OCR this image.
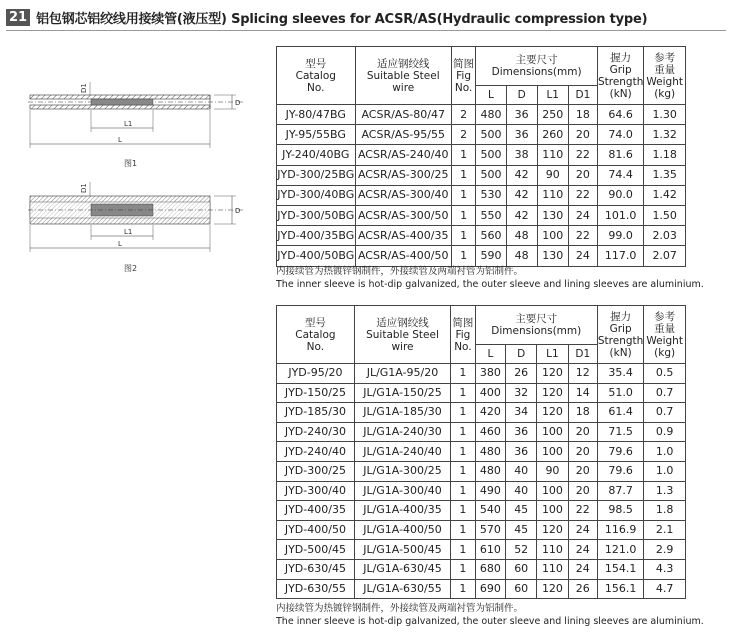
21 铝包钢芯铝绞线用接续管(液压型) Splicing sleeves for ACSR/AS(Hydraulic compression type)
D
D1
L1
L
图1
D
D1
L1
L
图2
型号
Catalog
No.	适应钢绞线
Suitable Steel
wire	简图
Fig
No.	主要尺寸
Dimensions(mm)				握力
Grip
Strength
(kN)	参考
重量
Weight
(kg)
			L	D	L1	D1		
JY-80/47BG	ACSR/AS-80/47	2	480	36	250	18	64.6	1.30
JY-95/55BG	ACSR/AS-95/55	2	500	36	260	20	74.0	1.32
JY-240/40BG	ACSR/AS-240/40	1	500	38	110	22	81.6	1.18
JYD-300/25BG	ACSR/AS-300/25	1	500	42	90	20	74.4	1.35
JYD-300/40BG	ACSR/AS-300/40	1	530	42	110	22	90.0	1.42
JYD-300/50BG	ACSR/AS-300/50	1	550	42	130	24	101.0	1.50
JYD-400/35BG	ACSR/AS-400/35	1	560	48	100	22	99.0	2.03
JYD-400/50BG	ACSR/AS-400/50	1	590	48	130	24	117.0	2.07
内接续管为热镀锌钢制件，外接续管及两端衬管为铝制件。
The inner sleeve is hot-dip galvanized, the outer sleeve and lining sleeves are aluminium.
型号
Catalog
No.	适应钢绞线
Suitable Steel
wire	简图
Fig
No.	主要尺寸
Dimensions(mm)				握力
Grip
Strength
(kN)	参考
重量
Weight
(kg)
			L	D	L1	D1		
JYD-95/20	JL/G1A-95/20	1	380	26	120	12	35.4	0.5
JYD-150/25	JL/G1A-150/25	1	400	32	120	14	51.0	0.7
JYD-185/30	JL/G1A-185/30	1	420	34	120	18	61.4	0.7
JYD-240/30	JL/G1A-240/30	1	460	36	100	20	71.5	0.9
JYD-240/40	JL/G1A-240/40	1	480	36	100	20	79.6	1.0
JYD-300/25	JL/G1A-300/25	1	480	40	90	20	79.6	1.0
JYD-300/40	JL/G1A-300/40	1	490	40	100	20	87.7	1.3
JYD-400/35	JL/G1A-400/35	1	540	45	100	22	98.5	1.8
JYD-400/50	JL/G1A-400/50	1	570	45	120	24	116.9	2.1
JYD-500/45	JL/G1A-500/45	1	610	52	110	24	121.0	2.9
JYD-630/45	JL/G1A-630/45	1	680	60	110	24	154.1	4.3
JYD-630/55	JL/G1A-630/55	1	690	60	120	26	156.1	4.7
内接续管为热镀锌钢制件，外接续管及两端衬管为铝制件。
The inner sleeve is hot-dip galvanized, the outer sleeve and lining sleeves are aluminium.
